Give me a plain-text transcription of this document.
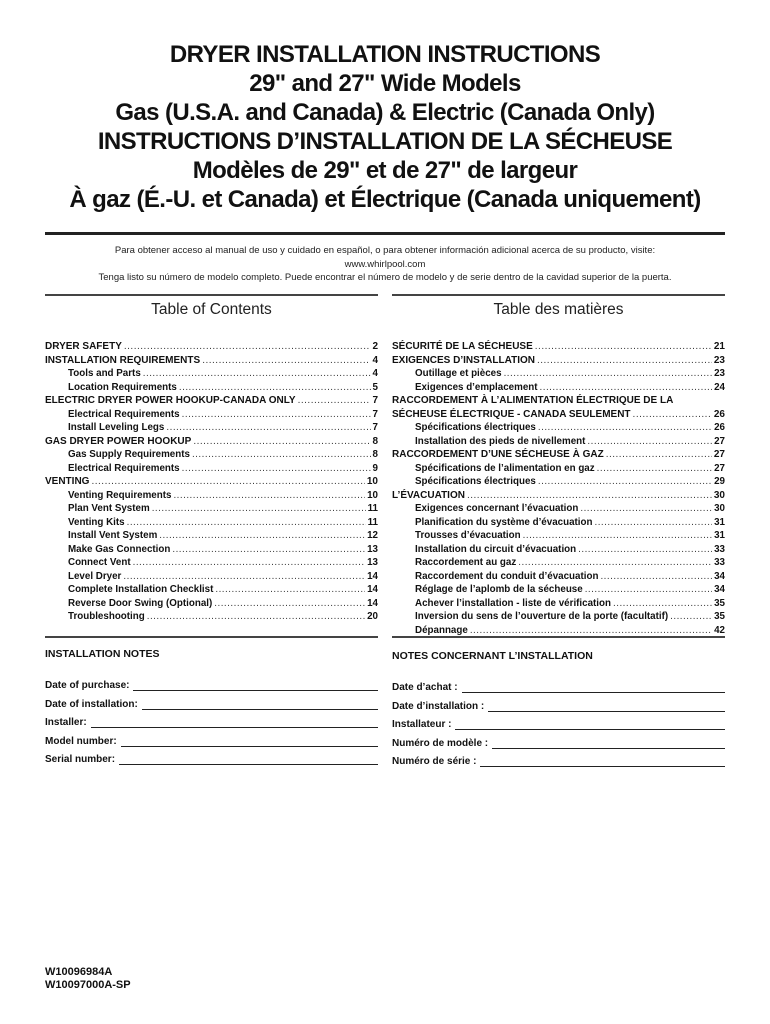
DRYER INSTALLATION INSTRUCTIONS
29" and 27" Wide Models
Gas (U.S.A. and Canada) & Electric (Canada Only)
INSTRUCTIONS D’INSTALLATION DE LA SÉCHEUSE
Modèles de 29" et de 27" de largeur
À gaz (É.-U. et Canada) et Électrique (Canada uniquement)
Para obtener acceso al manual de uso y cuidado en español, o para obtener información adicional acerca de su producto, visite:
www.whirlpool.com
Tenga listo su número de modelo completo. Puede encontrar el número de modelo y de serie dentro de la cavidad superior de la puerta.
Table of Contents
DRYER SAFETY .....	2
INSTALLATION REQUIREMENTS .....	4
Tools and Parts .....	4
Location Requirements .....	5
ELECTRIC DRYER POWER HOOKUP-CANADA ONLY .....	7
Electrical Requirements .....	7
Install Leveling Legs .....	7
GAS DRYER POWER HOOKUP .....	8
Gas Supply Requirements .....	8
Electrical Requirements .....	9
VENTING .....	10
Venting Requirements .....	10
Plan Vent System .....	11
Venting Kits .....	11
Install Vent System .....	12
Make Gas Connection .....	13
Connect Vent .....	13
Level Dryer .....	14
Complete Installation Checklist .....	14
Reverse Door Swing (Optional) .....	14
Troubleshooting .....	20
Table des matières
SÉCURITÉ DE LA SÉCHEUSE .....	21
EXIGENCES D’INSTALLATION .....	23
Outillage et pièces .....	23
Exigences d’emplacement .....	24
RACCORDEMENT À L’ALIMENTATION ÉLECTRIQUE DE LA
SÉCHEUSE ÉLECTRIQUE - CANADA SEULEMENT .....	26
Spécifications électriques .....	26
Installation des pieds de nivellement .....	27
RACCORDEMENT D’UNE SÉCHEUSE À GAZ .....	27
Spécifications de l’alimentation en gaz .....	27
Spécifications électriques .....	29
L’ÉVACUATION .....	30
Exigences concernant l’évacuation .....	30
Planification du système d’évacuation .....	31
Trousses d’évacuation .....	31
Installation du circuit d’évacuation .....	33
Raccordement au gaz .....	33
Raccordement du conduit d’évacuation .....	34
Réglage de l’aplomb de la sécheuse .....	34
Achever l’installation - liste de vérification .....	35
Inversion du sens de l’ouverture de la porte (facultatif) .....	35
Dépannage .....	42
INSTALLATION NOTES
Date of purchase:
Date of installation:
Installer:
Model number:
Serial number:
NOTES CONCERNANT L’INSTALLATION
Date d’achat :
Date d’installation :
Installateur :
Numéro de modèle :
Numéro de série :
W10096984A
W10097000A-SP
